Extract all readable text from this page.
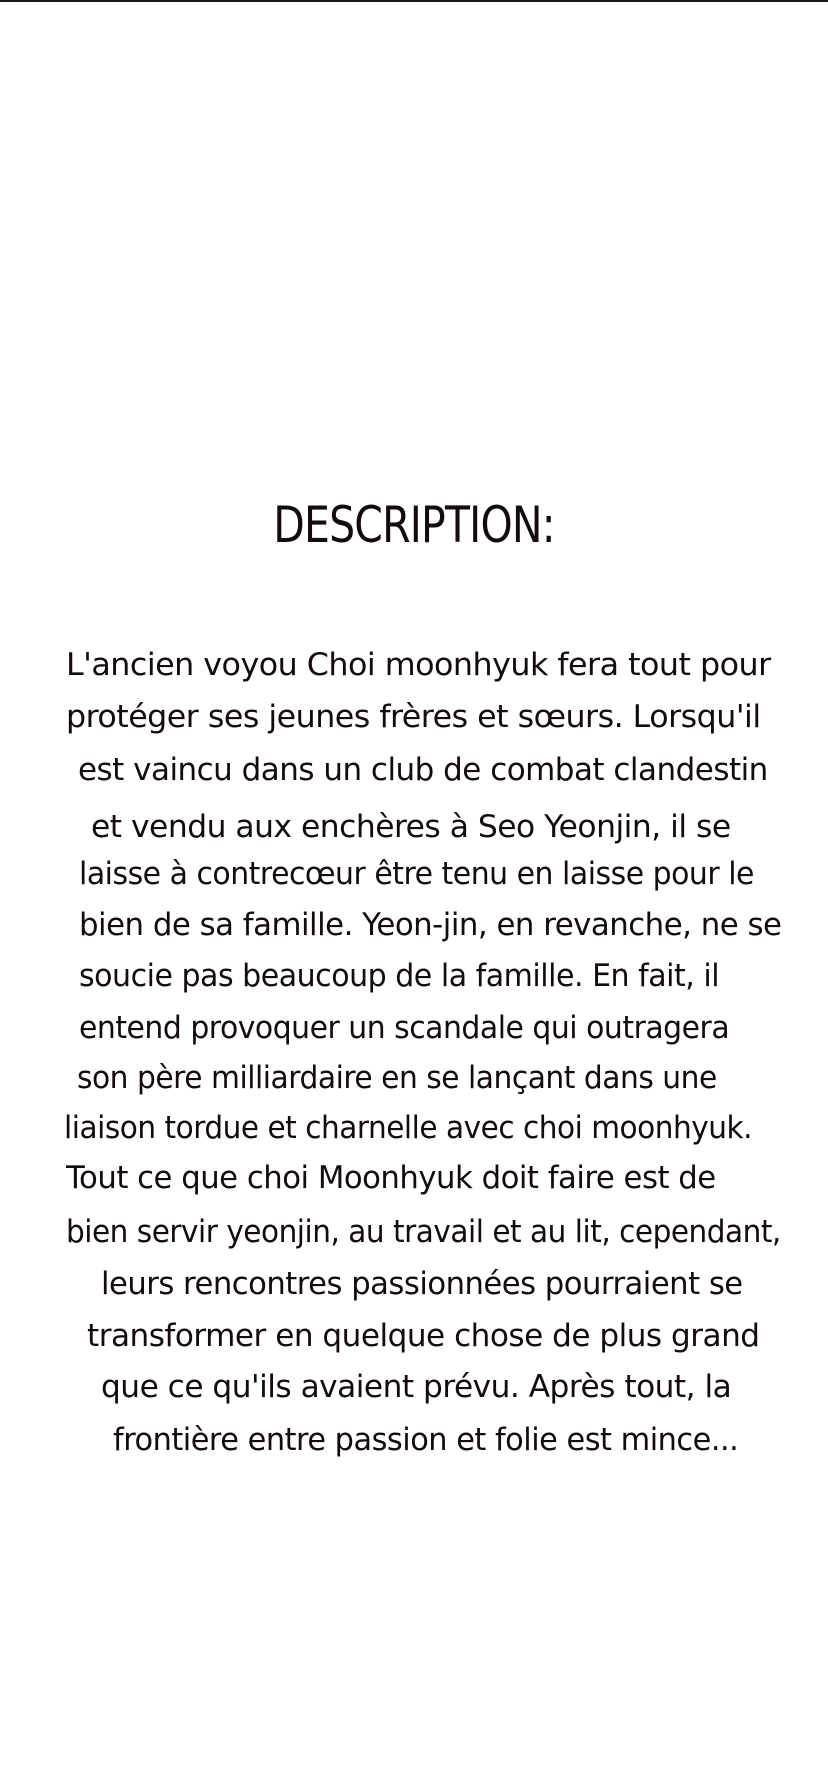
DESCRIPTION:
L'ancien voyou Choi moonhyuk fera tout pour
protéger ses jeunes frères et sœurs. Lorsqu'il
est vaincu dans un club de combat clandestin
et vendu aux enchères à Seo Yeonjin, il se
laisse à contrecœur être tenu en laisse pour le
bien de sa famille. Yeon-jin, en revanche, ne se
soucie pas beaucoup de la famille. En fait, il
entend provoquer un scandale qui outragera
son père milliardaire en se lançant dans une
liaison tordue et charnelle avec choi moonhyuk.
Tout ce que choi Moonhyuk doit faire est de
bien servir yeonjin, au travail et au lit, cependant,
leurs rencontres passionnées pourraient se
transformer en quelque chose de plus grand
que ce qu'ils avaient prévu. Après tout, la
frontière entre passion et folie est mince...
